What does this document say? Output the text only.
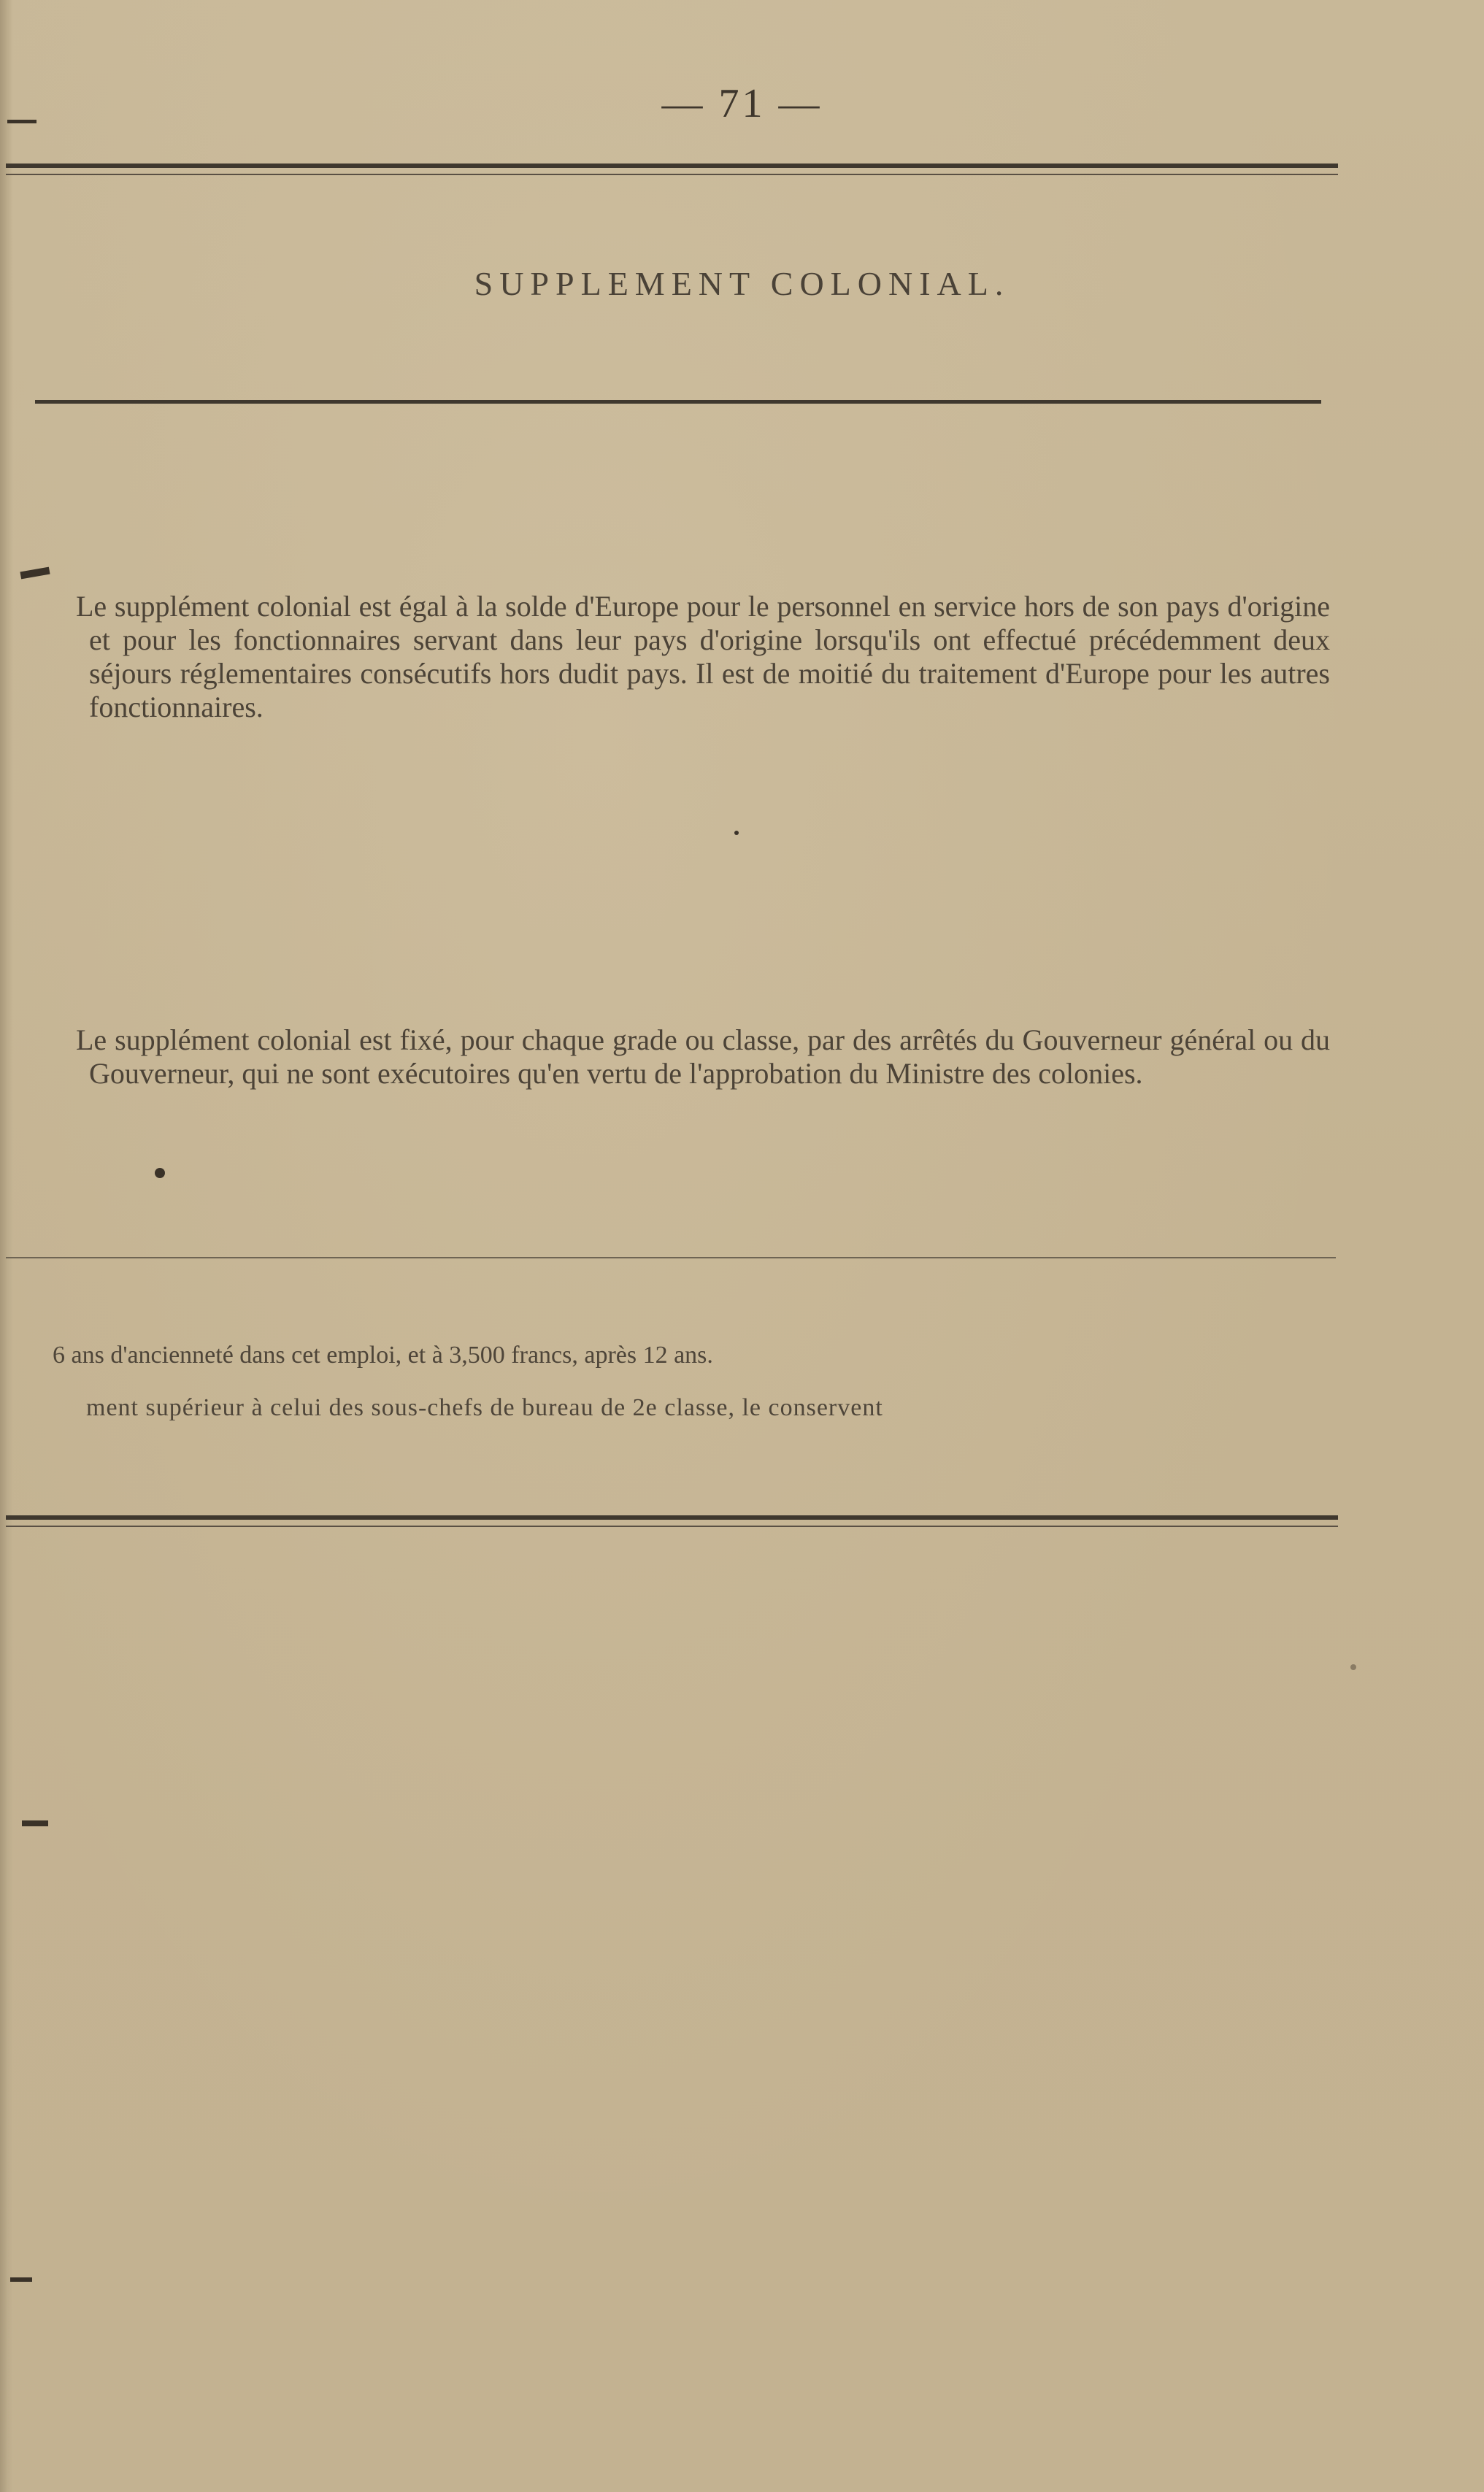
— 71 —
SUPPLEMENT COLONIAL.
Le supplément colonial est égal à la solde d'Europe pour le personnel en service hors de son pays d'origine et pour les fonctionnaires servant dans leur pays d'origine lorsqu'ils ont effectué précédemment deux séjours réglementaires consécutifs hors dudit pays. Il est de moitié du traitement d'Europe pour les autres fonctionnaires.
Le supplément colonial est fixé, pour chaque grade ou classe, par des arrêtés du Gouverneur général ou du Gouverneur, qui ne sont exécutoires qu'en vertu de l'approbation du Ministre des colonies.
6 ans d'ancienneté dans cet emploi, et à 3,500 francs, après 12 ans.
ment supérieur à celui des sous-chefs de bureau de 2e classe, le conservent
